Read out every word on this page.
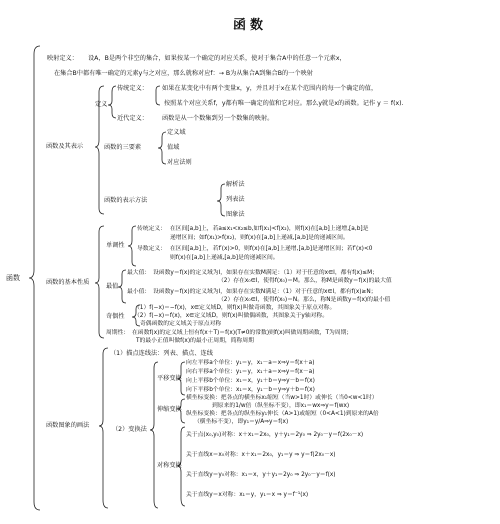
函数
函数
映射定义： 设A，B是两个非空的集合，如果按某一个确定的对应关系，使对于集合A中的任意一个元素x，
在集合B中都有唯一确定的元素y与之对应，那么就称对应f：→ B为从集合A到集合B的一个映射
函数及其表示
定义
传统定义： 如果在某变化中有两个变量x，y，并且对于x在某个范围内的每一个确定的值，
按照某个对应关系f，y都有唯一确定的值和它对应。那么y就是x的函数。记作 y ＝ f(x).
近代定义： 函数是从一个数集到另一个数集的映射。
函数的三要素
定义域
值域
对应法则
函数的表示方法
解析法
列表法
图象法
函数的基本性质
单调性
传统定义： 在区间[a,b]上，若a≤x₁<x₂≤b,如f(x₁)<f(x₂)，则f(x)在[a,b]上递增,[a,b]是
递增区间；如f(x₁)>f(x₂)，则f(x)在[a,b]上递减,[a,b]是的递减区间。
导数定义： 在区间[a,b]上，若f′(x)>0，则f(x)在[a,b]上递增,[a,b]是递增区间；若f′(x)<0
则f(x)在[a,b]上递减,[a,b]是的递减区间。
最值
最大值： 设函数y＝f(x)的定义域为I，如果存在实数M满足：（1）对于任意的x∈I，都有f(x)≤M；
（2）存在x₀∈I，使得f(x₀)＝M。那么，称M是函数y＝f(x)的最大值
最小值： 设函数y＝f(x)的定义域为I，如果存在实数N满足：（1）对于任意的x∈I，都有f(x)≥N；
（2）存在x₀∈I，使得f(x₀)＝N。那么，称N是函数y＝f(x)的最小值
奇偶性
（1）f(−x)＝−f(x)，x∈定义域D，则f(x)叫做奇函数，其图象关于原点对称。
（2）f(−x)＝f(x)，x∈定义域D，则f(x)叫做偶函数，其图象关于y轴对称。
奇偶函数的定义域关于原点对称
周期性： 在函数f(x)的定义域上恒有f(x＋T)＝f(x)(T≠0的常数)则f(x)叫做周期函数，T为周期；
T的最小正值叫做f(x)的最小正周期，简称周期
函数图象的画法
（1）描点连线法：列表、描点、连线
（2）变换法
平移变换
向左平移a个单位：y₁＝y，x₁－a＝x⇒y＝f(x＋a)
向右平移a个单位：y₁＝y，x₁＋a＝x⇒y＝f(x－a)
向上平移b个单位：x₁＝x，y₁＋b＝y⇒y－b＝f(x)
向下平移b个单位：x₁＝x，y₁－b＝y⇒y＋b＝f(x)
伸缩变换
横坐标变换：把各点的横坐标x₁缩短（当w>1时）或伸长（当0<w<1时）
到原来的1/w倍（纵坐标不变），即x₁＝wx⇒y＝f(wx)
纵坐标变换：把各点的纵坐标y₁伸长（A>1)或缩短（0<A<1)到原来的A倍
（横坐标不变），即y₁＝y/A⇒y＝f(x)
对称变换
关于点(x₀,y₀)对称：x＋x₁＝2x₀，y＋y₁＝2y₀ ⇒ 2y₀－y＝f(2x₀－x)
关于直线x＝x₀对称：x＋x₁＝2x₀，y₁＝y ⇒ y＝f(2x₀－x)
关于直线y＝y₀对称：x₁＝x，y＋y₁＝2y₀ ⇒ 2y₀－y＝f(x)
关于直线y＝x对称：x₁＝y，y₁＝x ⇒ y＝f⁻¹(x)
